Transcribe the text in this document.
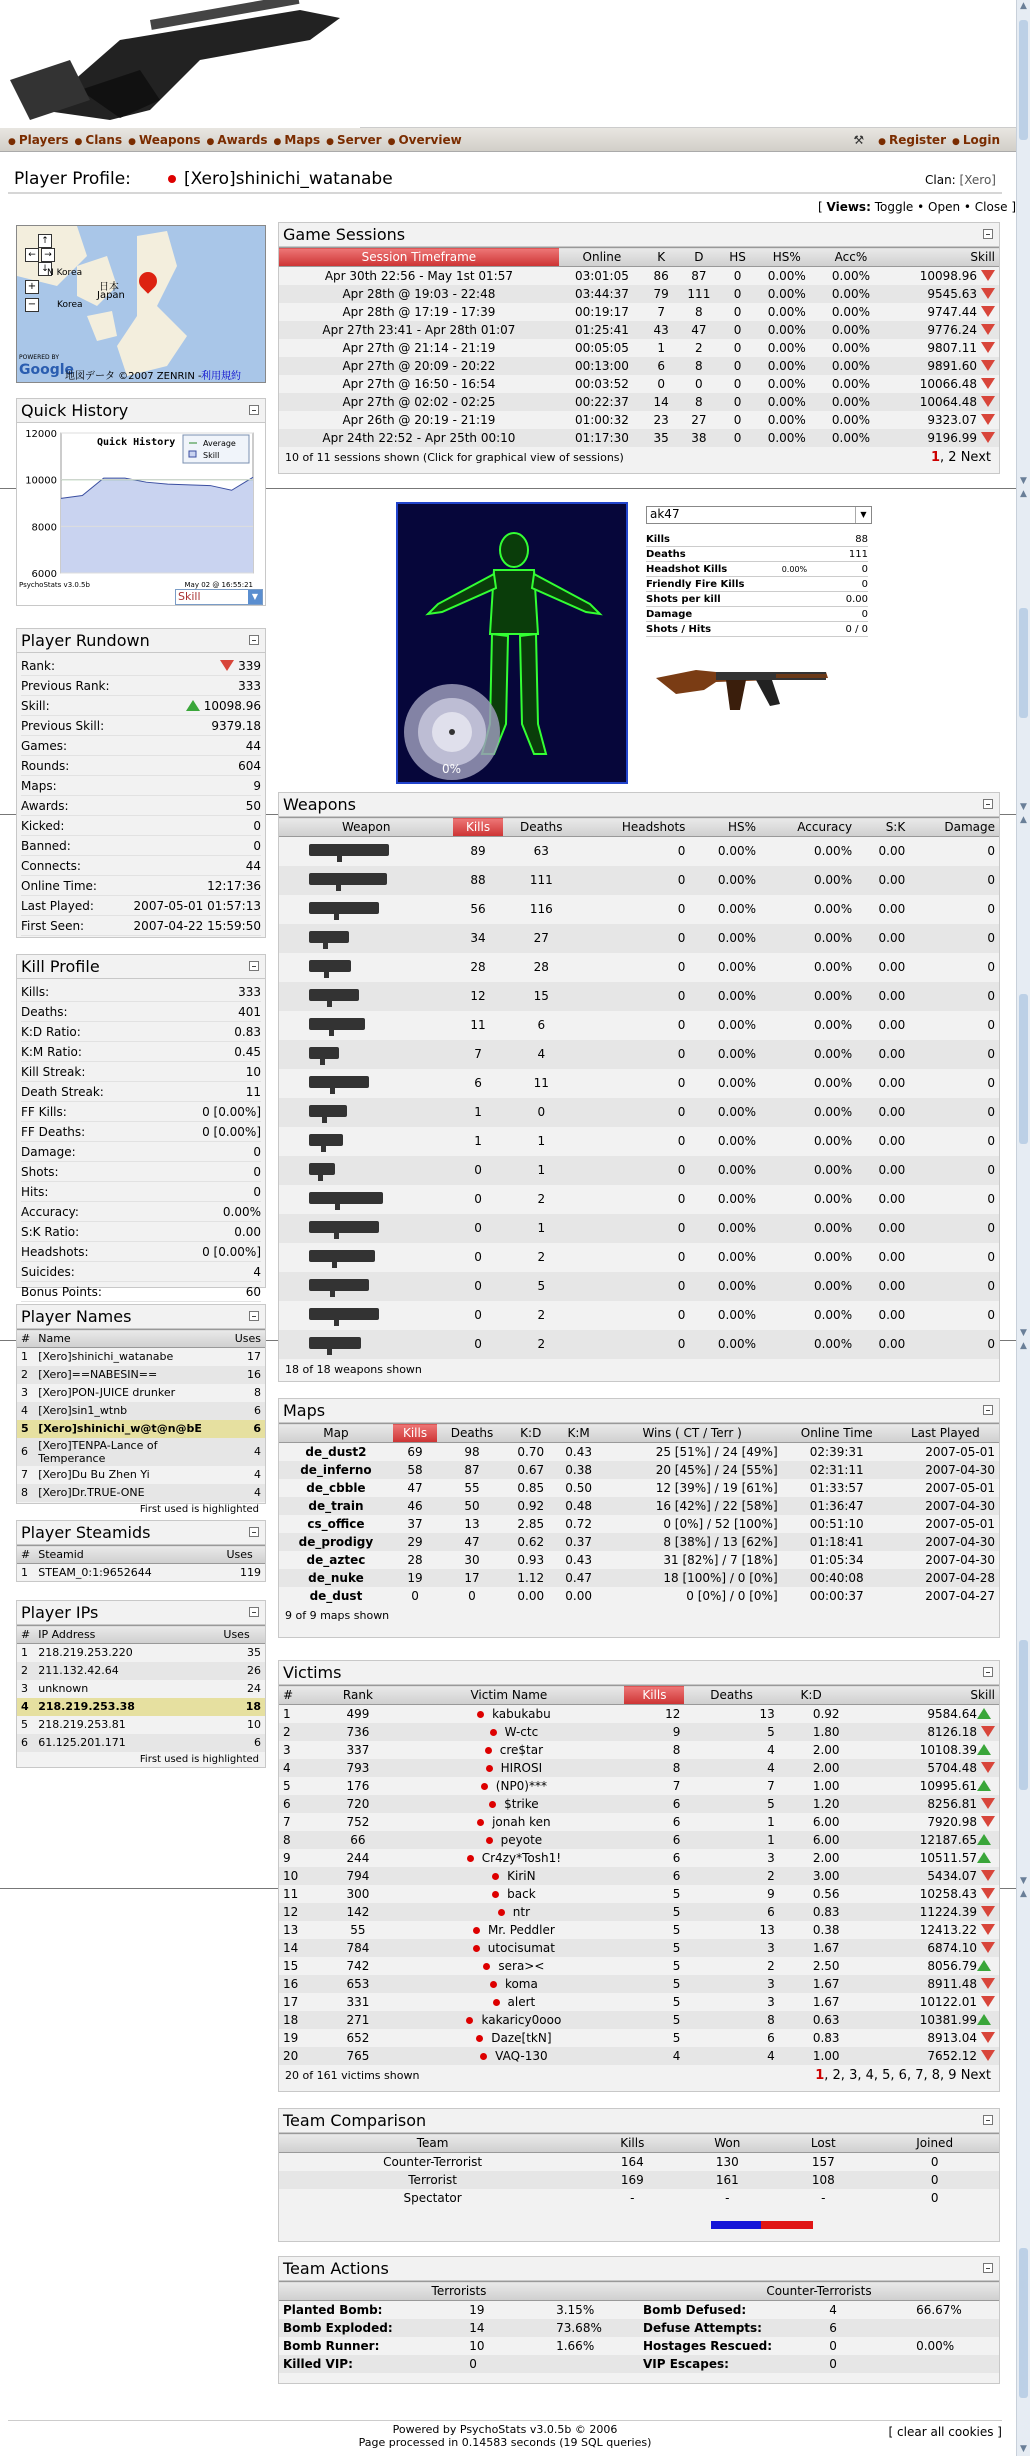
▲
▼
▲
▼
▲
▼
▲
▼
▲
▼
● Players ● Clans ● Weapons ● Awards ● Maps ● Server ● Overview	⚒ ● Register ● Login
Player Profile:	[Xero]shinichi_watanabe	Clan: [Xero]
[ Views: Toggle • Open • Close ]
↑
← →
↓
+
−
N Korea
日本
Japan
Korea
POWERED BY
Google
地図データ ©2007 ZENRIN - 利用規約
Quick History
12000
10000
8000
6000
Quick History	Average
Skill
PsychoStats v3.0.5b	May 02 @ 16:55:21
Skill	▼
Player Rundown
Rank:	339
Previous Rank:	333
Skill:	10098.96
Previous Skill:	9379.18
Games:	44
Rounds:	604
Maps:	9
Awards:	50
Kicked:	0
Banned:	0
Connects:	44
Online Time:	12:17:36
Last Played:	2007-05-01 01:57:13
First Seen:	2007-04-22 15:59:50
Kill Profile
Kills:	333
Deaths:	401
K:D Ratio:	0.83
K:M Ratio:	0.45
Kill Streak:	10
Death Streak:	11
FF Kills:	0 [0.00%]
FF Deaths:	0 [0.00%]
Damage:	0
Shots:	0
Hits:	0
Accuracy:	0.00%
S:K Ratio:	0.00
Headshots:	0 [0.00%]
Suicides:	4
Bonus Points:	60
Player Names
#	Name	Uses
1	[Xero]shinichi_watanabe	17
2	[Xero]==NABESIN==	16
3	[Xero]PON-JUICE drunker	8
4	[Xero]sin1_wtnb	6
5	[Xero]shinichi_w@t@n@bE	6
6	[Xero]TENPA-Lance of Temperance	4
7	[Xero]Du Bu Zhen Yi	4
8	[Xero]Dr.TRUE-ONE	4
First used is highlighted
Player Steamids
#	Steamid	Uses
1	STEAM_0:1:9652644	119
Player IPs
#	IP Address	Uses
1	218.219.253.220	35
2	211.132.42.64	26
3	unknown	24
4	218.219.253.38	18
5	218.219.253.81	10
6	61.125.201.171	6
First used is highlighted
Game Sessions
Session Timeframe	Online	K	D	HS	HS%	Acc%	Skill
Apr 30th 22:56 - May 1st 01:57	03:01:05	86	87	0	0.00%	0.00%	10098.96
Apr 28th @ 19:03 - 22:48	03:44:37	79	111	0	0.00%	0.00%	9545.63
Apr 28th @ 17:19 - 17:39	00:19:17	7	8	0	0.00%	0.00%	9747.44
Apr 27th 23:41 - Apr 28th 01:07	01:25:41	43	47	0	0.00%	0.00%	9776.24
Apr 27th @ 21:14 - 21:19	00:05:05	1	2	0	0.00%	0.00%	9807.11
Apr 27th @ 20:09 - 20:22	00:13:00	6	8	0	0.00%	0.00%	9891.60
Apr 27th @ 16:50 - 16:54	00:03:52	0	0	0	0.00%	0.00%	10066.48
Apr 27th @ 02:02 - 02:25	00:22:37	14	8	0	0.00%	0.00%	10064.48
Apr 26th @ 20:19 - 21:19	01:00:32	23	27	0	0.00%	0.00%	9323.07
Apr 24th 22:52 - Apr 25th 00:10	01:17:30	35	38	0	0.00%	0.00%	9196.99
10 of 11 sessions shown (Click for graphical view of sessions)	1, 2 Next
0%
ak47	▼
Kills	88
Deaths	111
Headshot Kills	0.00%	0
Friendly Fire Kills	0
Shots per kill	0.00
Damage	0
Shots / Hits	0 / 0
Weapons
Weapon	Kills	Deaths	Headshots	HS%	Accuracy	S:K	Damage
	89	63	0	0.00%	0.00%	0.00	0
	88	111	0	0.00%	0.00%	0.00	0
	56	116	0	0.00%	0.00%	0.00	0
	34	27	0	0.00%	0.00%	0.00	0
	28	28	0	0.00%	0.00%	0.00	0
	12	15	0	0.00%	0.00%	0.00	0
	11	6	0	0.00%	0.00%	0.00	0
	7	4	0	0.00%	0.00%	0.00	0
	6	11	0	0.00%	0.00%	0.00	0
	1	0	0	0.00%	0.00%	0.00	0
	1	1	0	0.00%	0.00%	0.00	0
	0	1	0	0.00%	0.00%	0.00	0
	0	2	0	0.00%	0.00%	0.00	0
	0	1	0	0.00%	0.00%	0.00	0
	0	2	0	0.00%	0.00%	0.00	0
	0	5	0	0.00%	0.00%	0.00	0
	0	2	0	0.00%	0.00%	0.00	0
	0	2	0	0.00%	0.00%	0.00	0
18 of 18 weapons shown
Maps
Map	Kills	Deaths	K:D	K:M	Wins ( CT / Terr )	Online Time	Last Played
de_dust2	69	98	0.70	0.43	25 [51%] / 24 [49%]	02:39:31	2007-05-01
de_inferno	58	87	0.67	0.38	20 [45%] / 24 [55%]	02:31:11	2007-04-30
de_cbble	47	55	0.85	0.50	12 [39%] / 19 [61%]	01:33:57	2007-05-01
de_train	46	50	0.92	0.48	16 [42%] / 22 [58%]	01:36:47	2007-04-30
cs_office	37	13	2.85	0.72	0 [0%] / 52 [100%]	00:51:10	2007-05-01
de_prodigy	29	47	0.62	0.37	8 [38%] / 13 [62%]	01:18:41	2007-04-30
de_aztec	28	30	0.93	0.43	31 [82%] / 7 [18%]	01:05:34	2007-04-30
de_nuke	19	17	1.12	0.47	18 [100%] / 0 [0%]	00:40:08	2007-04-28
de_dust	0	0	0.00	0.00	0 [0%] / 0 [0%]	00:00:37	2007-04-27
9 of 9 maps shown
Victims
#	Rank	Victim Name	Kills	Deaths	K:D	Skill
1	499	kabukabu	12	13	0.92	9584.64
2	736	W-ctc	9	5	1.80	8126.18
3	337	cre$tar	8	4	2.00	10108.39
4	793	HIROSI	8	4	2.00	5704.48
5	176	(NP0)***	7	7	1.00	10995.61
6	720	$trike	6	5	1.20	8256.81
7	752	jonah ken	6	1	6.00	7920.98
8	66	peyote	6	1	6.00	12187.65
9	244	Cr4zy*Tosh1!	6	3	2.00	10511.57
10	794	KiriN	6	2	3.00	5434.07
11	300	back	5	9	0.56	10258.43
12	142	ntr	5	6	0.83	11224.39
13	55	Mr. Peddler	5	13	0.38	12413.22
14	784	utocisumat	5	3	1.67	6874.10
15	742	sera><	5	2	2.50	8056.79
16	653	koma	5	3	1.67	8911.48
17	331	alert	5	3	1.67	10122.01
18	271	kakaricy0ooo	5	8	0.63	10381.99
19	652	Daze[tkN]	5	6	0.83	8913.04
20	765	VAQ-130	4	4	1.00	7652.12
20 of 161 victims shown	1, 2, 3, 4, 5, 6, 7, 8, 9 Next
Team Comparison
Team	Kills	Won	Lost	Joined
Counter-Terrorist	164	130	157	0
Terrorist	169	161	108	0
Spectator	-	-	-	0
Team Actions
Terrorists			Counter-Terrorists		
Planted Bomb:	19	3.15%	Bomb Defused:	4	66.67%
Bomb Exploded:	14	73.68%	Defuse Attempts:	6	
Bomb Runner:	10	1.66%	Hostages Rescued:	0	0.00%
Killed VIP:	0		VIP Escapes:	0	
Powered by PsychoStats v3.0.5b © 2006
Page processed in 0.14583 seconds (19 SQL queries)
[ clear all cookies ]
